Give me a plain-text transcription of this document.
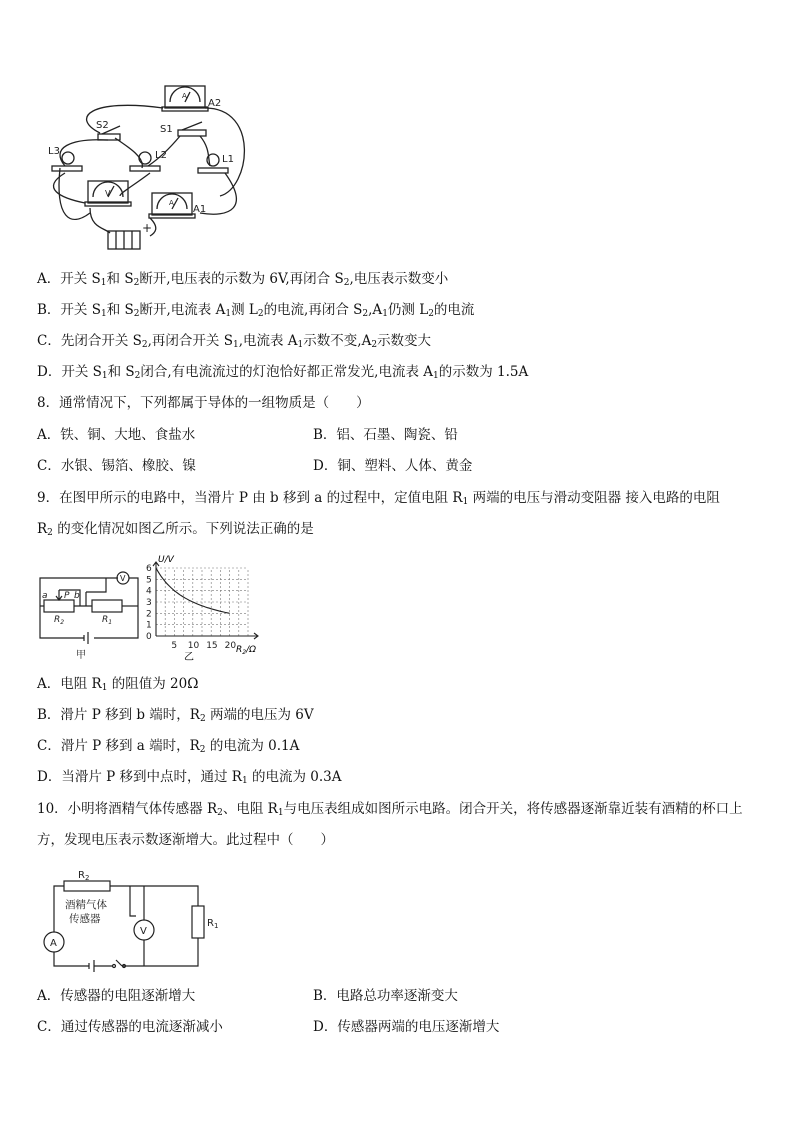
A2
S2	S1
L3	L2	L1
V
A1
A
A
+
A．开关 $S_1$和 $S_2$断开,电压表的示数为 6V,再闭合 $S_2$,电压表示数变小
B．开关 $S_1$和 $S_2$断开,电流表 $A_1$测 $L_2$的电流,再闭合 $S_2,A_1$仍测 $L_2$的电流
C．先闭合开关 $S_2$,再闭合开关 $S_1$,电流表 $A_1$示数不变$,A_2$示数变大
D．开关 $S_1$和 $S_2$闭合,有电流流过的灯泡恰好都正常发光,电流表 $A_1$的示数为 1.5A
8．通常情况下，下列都属于导体的一组物质是（　　）
A．铁、铜、大地、食盐水	B．铝、石墨、陶瓷、铅
C．水银、锡箔、橡胶、镍	D．铜、塑料、人体、黄金
9．在图甲所示的电路中，当滑片 P 由 b 移到 a 的过程中，定值电阻 $R_1$ 两端的电压与滑动变阻器 接入电路的电阻
$R_2$ 的变化情况如图乙所示。下列说法正确的是
a P b
$R_2$	$R_1$
V
甲
0
1
2
3
4
5
6
5 10 15 20
U/V
$R_2/\Omega$
乙
A．电阻 $R_1$ 的阻值为 20Ω
B．滑片 P 移到 b 端时，$R_2$ 两端的电压为 6V
C．滑片 P 移到 a 端时，$R_2$ 的电流为 0.1A
D．当滑片 P 移到中点时，通过 $R_1$ 的电流为 0.3A
10．小明将酒精气体传感器 $R_2$、电阻 $R_1$与电压表组成如图所示电路。闭合开关，将传感器逐渐靠近装有酒精的杯口上
方，发现电压表示数逐渐增大。此过程中（　　）
$R_2$
酒精气体
传感器
V
A
$R_1$
A．传感器的电阻逐渐增大	B．电路总功率逐渐变大
C．通过传感器的电流逐渐减小	D．传感器两端的电压逐渐增大
